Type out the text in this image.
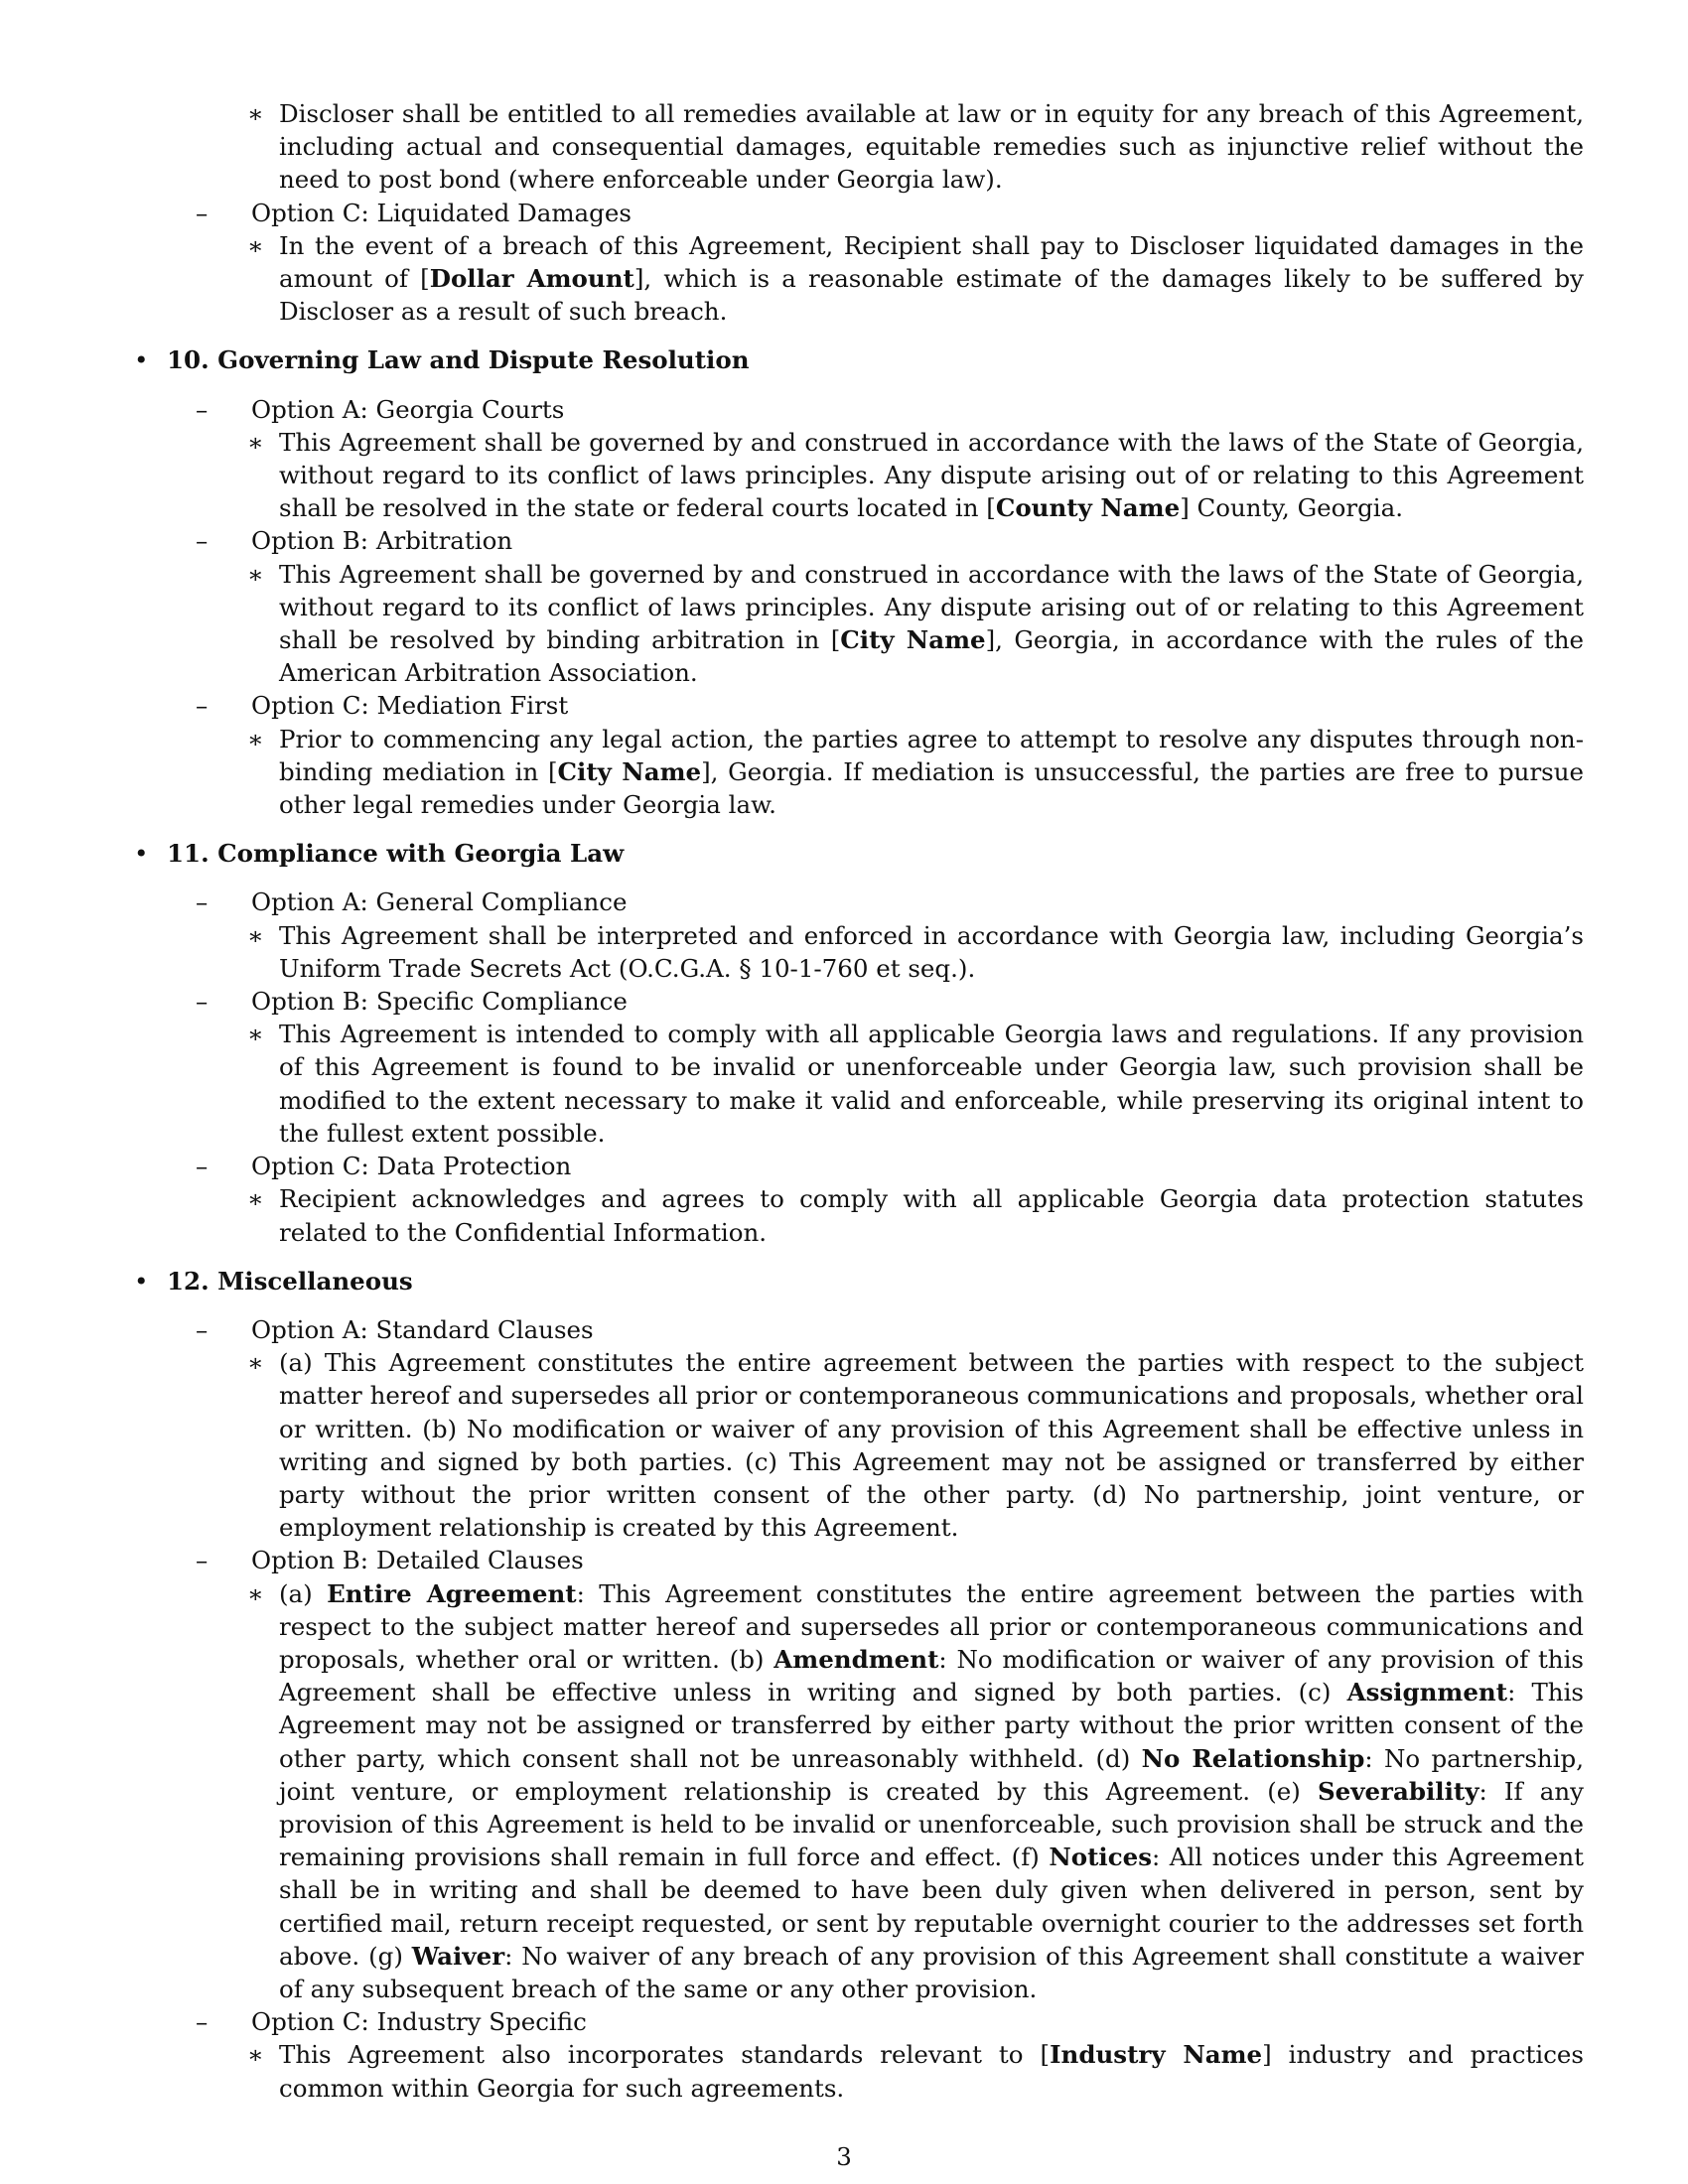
∗ Discloser shall be entitled to all remedies available at law or in equity for any breach of this Agreement, including actual and consequential damages, equitable remedies such as injunctive relief without the need to post bond (where enforceable under Georgia law).
– Option C: Liquidated Damages
∗ In the event of a breach of this Agreement, Recipient shall pay to Discloser liquidated damages in the amount of [Dollar Amount], which is a reasonable estimate of the damages likely to be suffered by Discloser as a result of such breach.
• 10. Governing Law and Dispute Resolution
– Option A: Georgia Courts
∗ This Agreement shall be governed by and construed in accordance with the laws of the State of Georgia, without regard to its conflict of laws principles. Any dispute arising out of or relating to this Agreement shall be resolved in the state or federal courts located in [County Name] County, Georgia.
– Option B: Arbitration
∗ This Agreement shall be governed by and construed in accordance with the laws of the State of Georgia, without regard to its conflict of laws principles. Any dispute arising out of or relating to this Agreement shall be resolved by binding arbitration in [City Name], Georgia, in accordance with the rules of the American Arbitration Association.
– Option C: Mediation First
∗ Prior to commencing any legal action, the parties agree to attempt to resolve any disputes through non-binding mediation in [City Name], Georgia. If mediation is unsuccessful, the parties are free to pursue other legal remedies under Georgia law.
• 11. Compliance with Georgia Law
– Option A: General Compliance
∗ This Agreement shall be interpreted and enforced in accordance with Georgia law, including Georgia’s Uniform Trade Secrets Act (O.C.G.A. § 10-1-760 et seq.).
– Option B: Specific Compliance
∗ This Agreement is intended to comply with all applicable Georgia laws and regulations. If any provision of this Agreement is found to be invalid or unenforceable under Georgia law, such provision shall be modified to the extent necessary to make it valid and enforceable, while preserving its original intent to the fullest extent possible.
– Option C: Data Protection
∗ Recipient acknowledges and agrees to comply with all applicable Georgia data protection statutes related to the Confidential Information.
• 12. Miscellaneous
– Option A: Standard Clauses
∗ (a) This Agreement constitutes the entire agreement between the parties with respect to the subject matter hereof and supersedes all prior or contemporaneous communications and proposals, whether oral or written. (b) No modification or waiver of any provision of this Agreement shall be effective unless in writing and signed by both parties. (c) This Agreement may not be assigned or transferred by either party without the prior written consent of the other party. (d) No partnership, joint venture, or employment relationship is created by this Agreement.
– Option B: Detailed Clauses
∗ (a) Entire Agreement: This Agreement constitutes the entire agreement between the parties with respect to the subject matter hereof and supersedes all prior or contemporaneous communications and proposals, whether oral or written. (b) Amendment: No modification or waiver of any provision of this Agreement shall be effective unless in writing and signed by both parties. (c) Assignment: This Agreement may not be assigned or transferred by either party without the prior written consent of the other party, which consent shall not be unreasonably withheld. (d) No Relationship: No partnership, joint venture, or employment relationship is created by this Agreement. (e) Severability: If any provision of this Agreement is held to be invalid or unenforceable, such provision shall be struck and the remaining provisions shall remain in full force and effect. (f) Notices: All notices under this Agreement shall be in writing and shall be deemed to have been duly given when delivered in person, sent by certified mail, return receipt requested, or sent by reputable overnight courier to the addresses set forth above. (g) Waiver: No waiver of any breach of any provision of this Agreement shall constitute a waiver of any subsequent breach of the same or any other provision.
– Option C: Industry Specific
∗ This Agreement also incorporates standards relevant to [Industry Name] industry and practices common within Georgia for such agreements.
3
